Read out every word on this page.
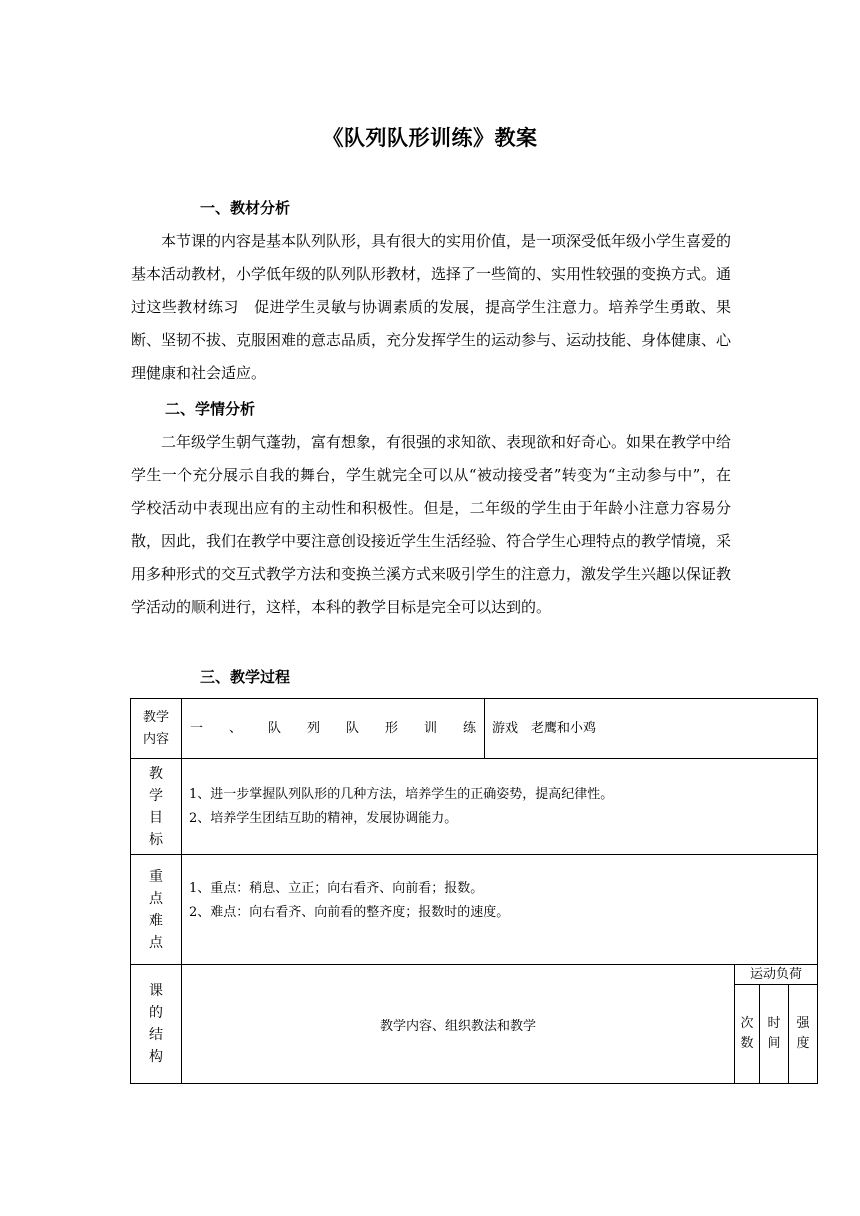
《队列队形训练》教案
一、教材分析

本节课的内容是基本队列队形，具有很大的实用价值，是一项深受低年级小学生喜爱的基本活动教材，小学低年级的队列队形教材，选择了一些简的、实用性较强的变换方式。通过这些教材练习　促进学生灵敏与协调素质的发展，提高学生注意力。培养学生勇敢、果断、坚韧不拔、克服困难的意志品质，充分发挥学生的运动参与、运动技能、身体健康、心理健康和社会适应。

二、学情分析

二年级学生朝气蓬勃，富有想象，有很强的求知欲、表现欲和好奇心。如果在教学中给学生一个充分展示自我的舞台，学生就完全可以从“被动接受者”转变为“主动参与中”，在学校活动中表现出应有的主动性和积极性。但是，二年级的学生由于年龄小注意力容易分散，因此，我们在教学中要注意创设接近学生生活经验、符合学生心理特点的教学情境，采用多种形式的交互式教学方法和变换兰溪方式来吸引学生的注意力，激发学生兴趣以保证教学活动的顺利进行，这样，本科的教学目标是完全可以达到的。

三、教学过程
教学内容	一、队列队形训练	游戏　老鹰和小鸡			

教学目标	1、进一步掌握队列队形的几种方法，培养学生的正确姿势，提高纪律性。
2、培养学生团结互助的精神，发展协调能力。				

重点难点	1、重点：稍息、立正；向右看齐、向前看；报数。
2、难点：向右看齐、向前看的整齐度；报数时的速度。				

课的结构	教学内容、组织教法和教学		运动负荷		

			次数	时间	强度
